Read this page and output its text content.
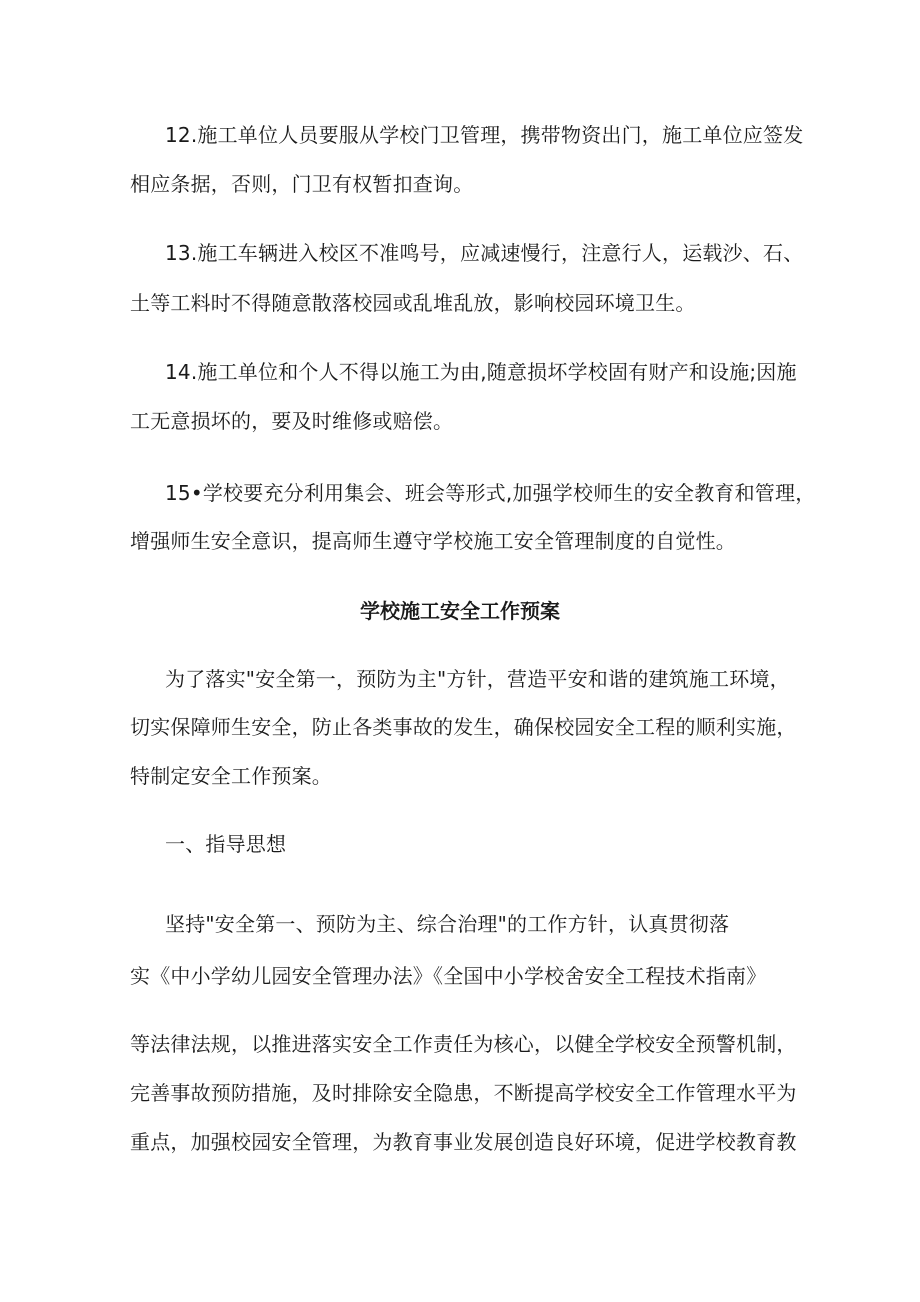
12.施工单位人员要服从学校门卫管理，携带物资出门，施工单位应签发
相应条据，否则，门卫有权暂扣查询。
13.施工车辆进入校区不准鸣号，应减速慢行，注意行人，运载沙、石、
土等工料时不得随意散落校园或乱堆乱放，影响校园环境卫生。
14.施工单位和个人不得以施工为由,随意损坏学校固有财产和设施;因施
工无意损坏的，要及时维修或赔偿。
15•学校要充分利用集会、班会等形式,加强学校师生的安全教育和管理，
增强师生安全意识，提高师生遵守学校施工安全管理制度的自觉性。
学校施工安全工作预案
为了落实"安全第一，预防为主"方针，营造平安和谐的建筑施工环境，
切实保障师生安全，防止各类事故的发生，确保校园安全工程的顺利实施，
特制定安全工作预案。
一、指导思想
坚持"安全第一、预防为主、综合治理"的工作方针，认真贯彻落
实《中小学幼儿园安全管理办法》《全国中小学校舍安全工程技术指南》
等法律法规，以推进落实安全工作责任为核心，以健全学校安全预警机制，
完善事故预防措施，及时排除安全隐患，不断提高学校安全工作管理水平为
重点，加强校园安全管理，为教育事业发展创造良好环境，促进学校教育教
